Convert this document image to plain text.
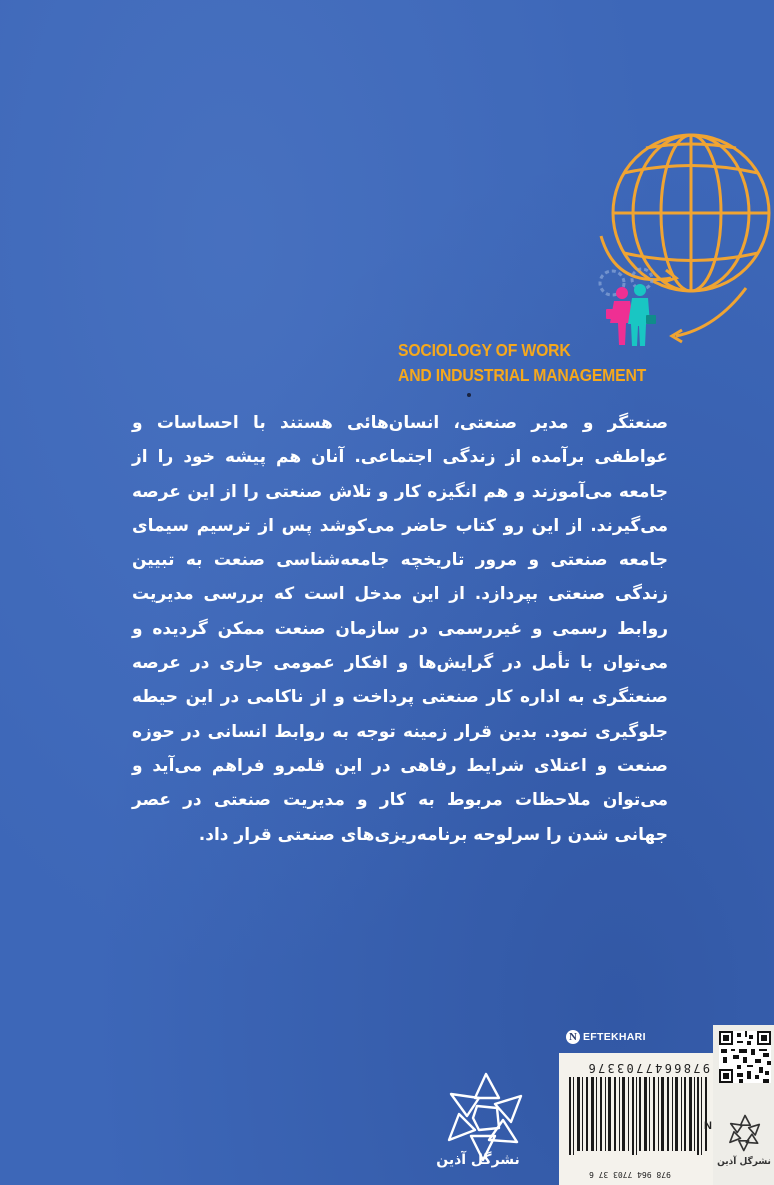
SOCIOLOGY OF WORK
AND INDUSTRIAL MANAGEMENT
صنعتگر و مدیر صنعتی، انسان‌هائی هستند با احساسات و عواطفی برآمده از زندگی اجتماعی. آنان هم پیشه خود را از جامعه می‌آموزند و هم انگیزه کار و تلاش صنعتی را از این عرصه می‌گیرند. از این رو کتاب حاضر می‌کوشد پس از ترسیم سیمای جامعه صنعتی و مرور تاریخچه جامعه‌شناسی صنعت به تبیین زندگی صنعتی بپردازد. از این مدخل است که بررسی مدیریت روابط رسمی و غیررسمی در سازمان صنعت ممکن گردیده و می‌توان با تأمل در گرایش‌ها و افکار عمومی جاری در عرصه صنعتگری به اداره کار صنعتی پرداخت و از ناکامی در این حیطه جلوگیری نمود. بدین قرار زمینه توجه به روابط انسانی در حوزه صنعت و اعتلای شرایط رفاهی در این قلمرو فراهم می‌آید و می‌توان ملاحظات مربوط به کار و مدیریت صنعتی در عصر جهانی شدن را سرلوحه برنامه‌ریزی‌های صنعتی قرار داد.
N EFTEKHARI
نشرگل آذین
9786647703376
978 964 7703 37 6
نشرگل آذین
N
